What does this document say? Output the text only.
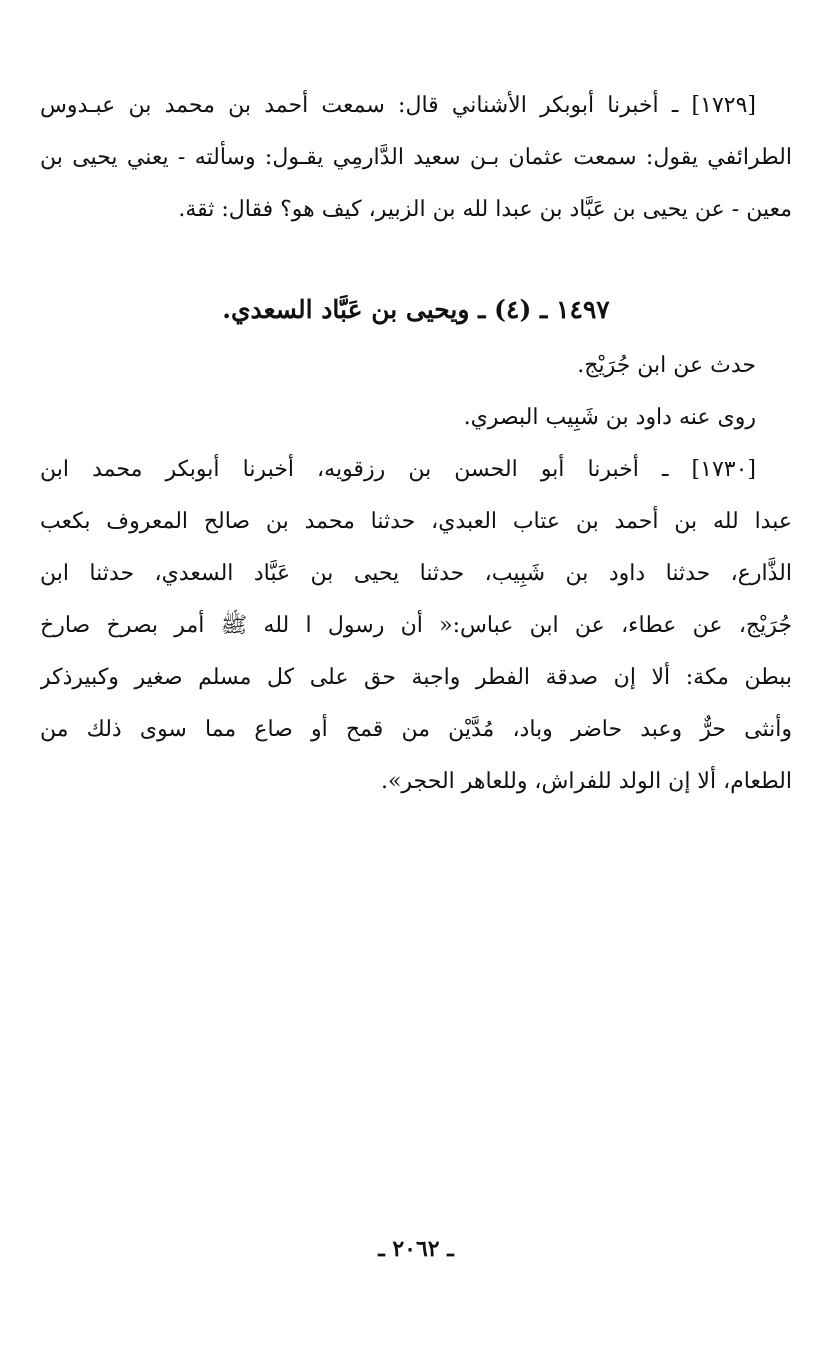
[١٧٢٩] ـ أخبرنا أبوبكر الأشناني قال: سمعت أحمد بن محمد بن عبـدوس
الطرائفي يقول: سمعت عثمان بـن سعيد الدَّارمِي يقـول: وسألته - يعني يحيى بن
معين - عن يحيى بن عَبَّاد بن عبدا لله بن الزبير، كيف هو؟ فقال: ثقة.
١٤٩٧ ـ (٤) ـ ويحيى بن عَبَّاد السعدي.
حدث عن ابن جُرَيْج.
روى عنه داود بن شَبِيب البصري.
[١٧٣٠] ـ أخبرنا أبو الحسن بن رزقويه، أخبرنا أبوبكر محمد ابن
عبدا لله بن أحمد بن عتاب العبدي، حدثنا محمد بن صالح المعروف بكعب
الذَّارع، حدثنا داود بن شَبِيب، حدثنا يحيى بن عَبَّاد السعدي، حدثنا ابن
جُرَيْج، عن عطاء، عن ابن عباس:« أن رسول ا لله ﷺ أمر بصرخ صارخ
ببطن مكة: ألا إن صدقة الفطر واجبة حق على كل مسلم صغير وكبيرذكر
وأنثى حرٌّ وعبد حاضر وباد، مُدَّيْن من قمح أو صاع مما سوى ذلك من
الطعام، ألا إن الولد للفراش، وللعاهر الحجر».
ـ ٢٠٦٢ ـ
